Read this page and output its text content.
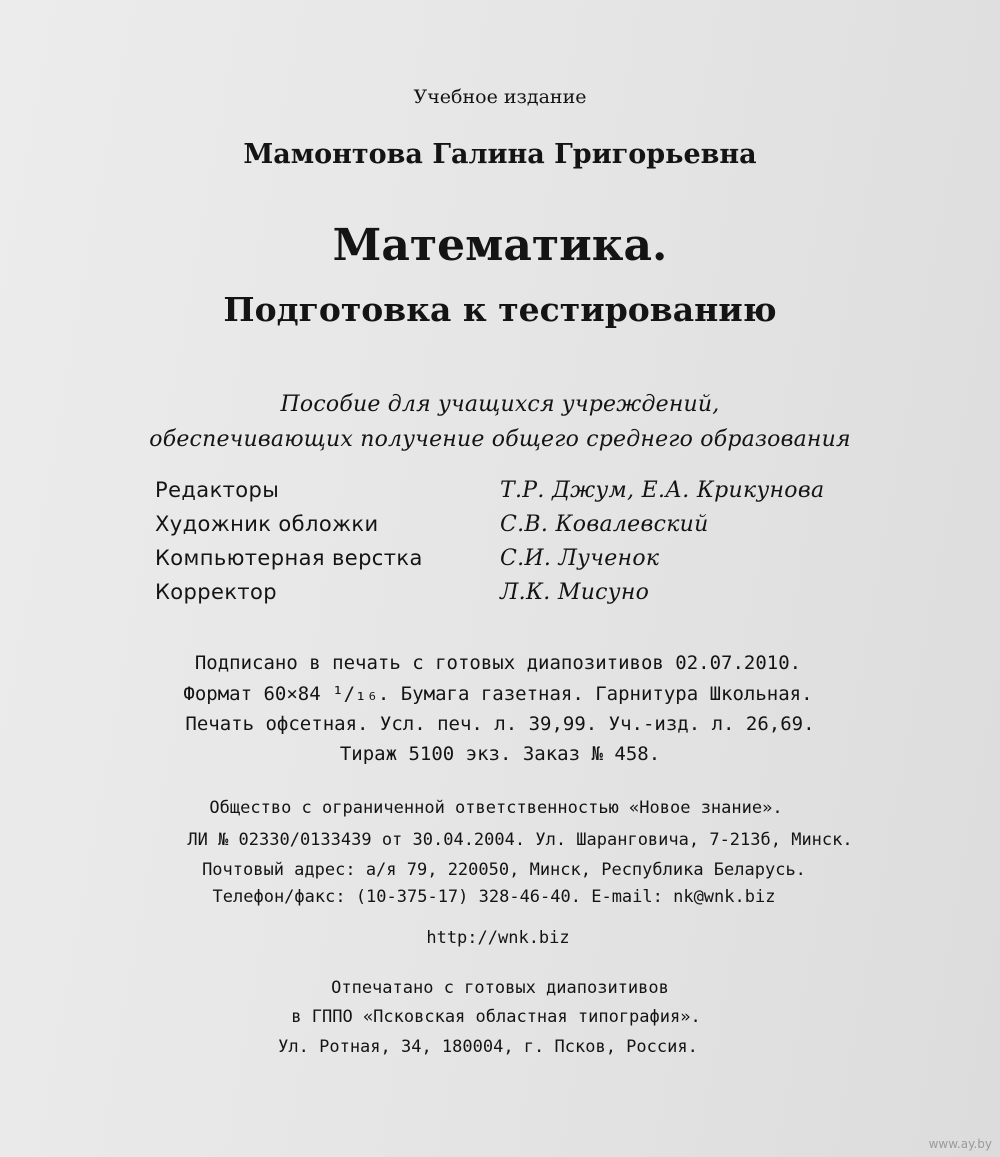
Учебное издание
Мамонтова Галина Григорьевна
Математика.
Подготовка к тестированию
Пособие для учащихся учреждений,
обеспечивающих получение общего среднего образования
Редакторы	Т.Р. Джум, Е.А. Крикунова
Художник обложки	С.В. Ковалевский
Компьютерная верстка	С.И. Лученок
Корректор	Л.К. Мисуно
Подписано в печать с готовых диапозитивов 02.07.2010.
Формат 60×84 ¹/₁₆. Бумага газетная. Гарнитура Школьная.
Печать офсетная. Усл. печ. л. 39,99. Уч.-изд. л. 26,69.
Тираж 5100 экз. Заказ № 458.
Общество с ограниченной ответственностью «Новое знание».
ЛИ № 02330/0133439 от 30.04.2004. Ул. Шаранговича, 7-213б, Минск.
Почтовый адрес: а/я 79, 220050, Минск, Республика Беларусь.
Телефон/факс: (10-375-17) 328-46-40. E-mail: nk@wnk.biz
http://wnk.biz
Отпечатано с готовых диапозитивов
в ГППО «Псковская областная типография».
Ул. Ротная, 34, 180004, г. Псков, Россия.
www.ay.by
